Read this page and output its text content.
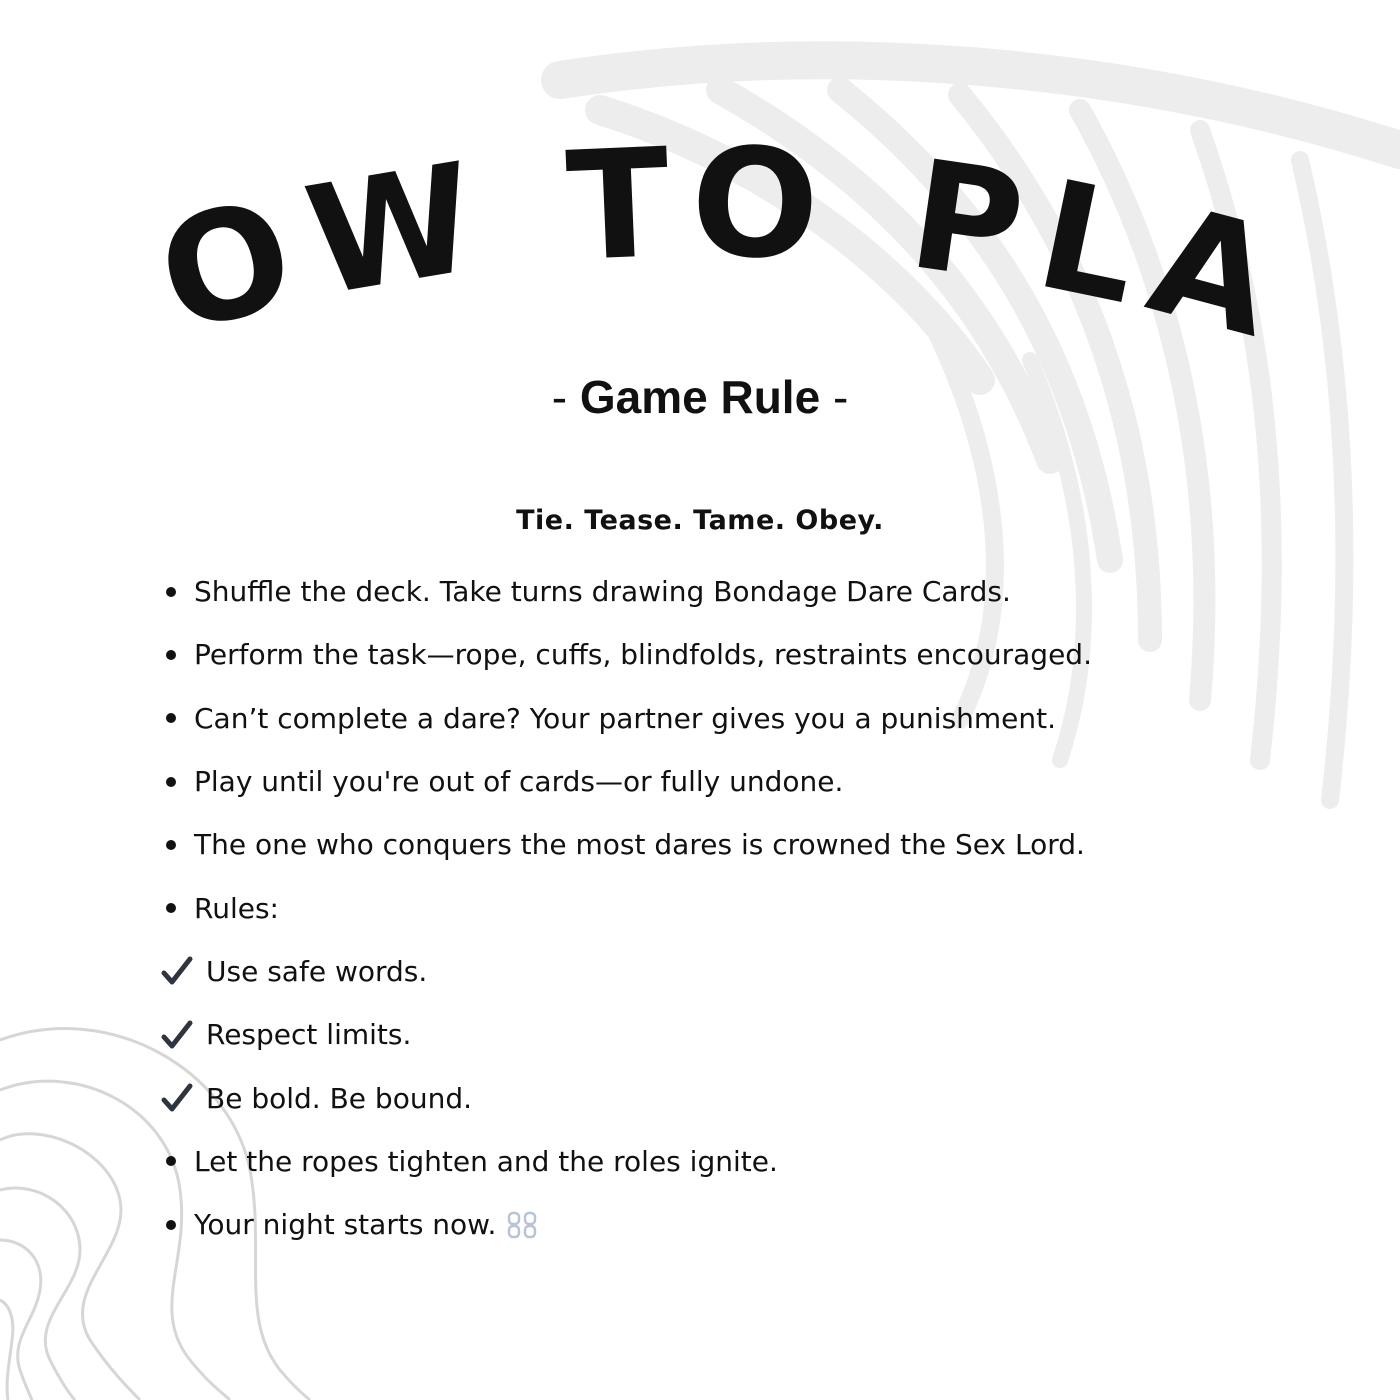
OW TO PLA
- Game Rule -
Tie. Tease. Tame. Obey.
Shuffle the deck. Take turns drawing Bondage Dare Cards.
Perform the task—rope, cuffs, blindfolds, restraints encouraged.
Can’t complete a dare? Your partner gives you a punishment.
Play until you're out of cards—or fully undone.
The one who conquers the most dares is crowned the Sex Lord.
Rules:
Use safe words.
Respect limits.
Be bold. Be bound.
Let the ropes tighten and the roles ignite.
Your night starts now.
